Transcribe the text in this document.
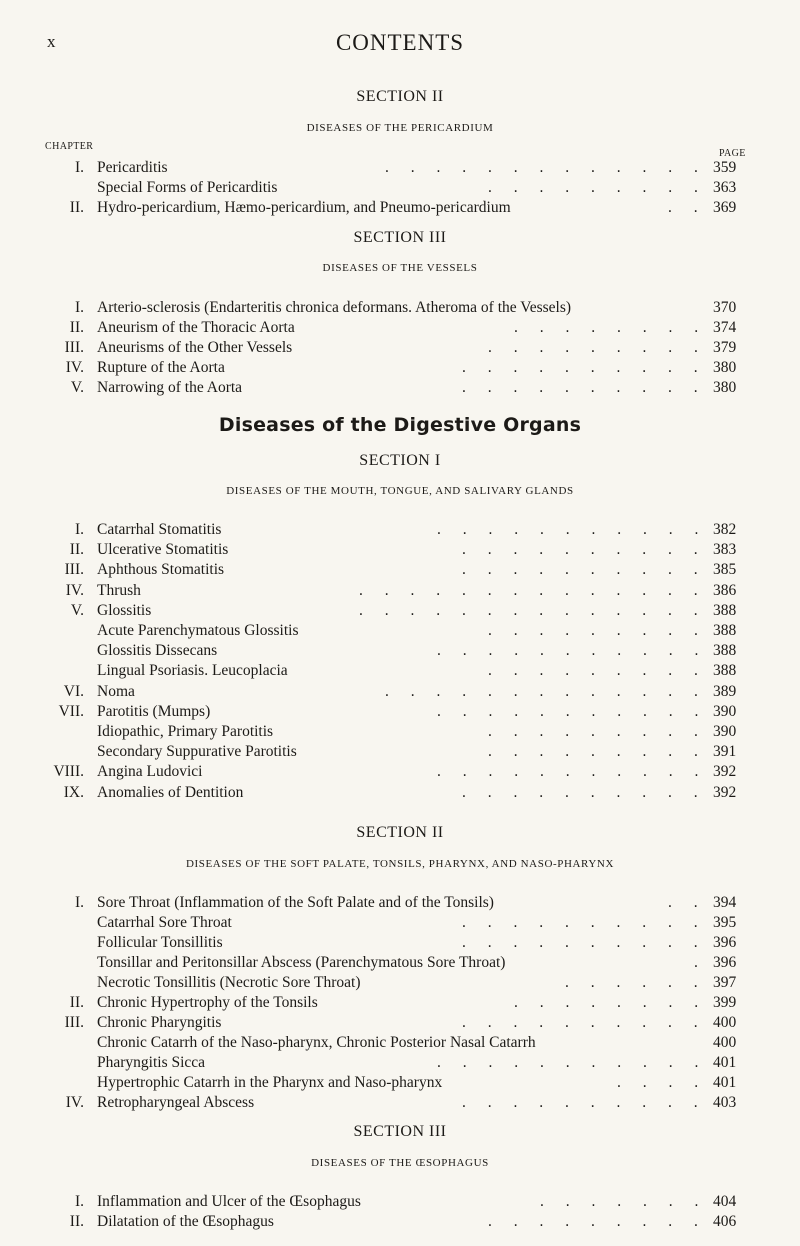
x	CONTENTS
SECTION II
DISEASES OF THE PERICARDIUM
CHAPTER
PAGE
I. Pericarditis	. . . . . . . . . . . . . 359
Special Forms of Pericarditis	. . . . . . . . . 363
II. Hydro-pericardium, Hæmo-pericardium, and Pneumo-pericardium	. . 369
SECTION III
DISEASES OF THE VESSELS
I. Arterio-sclerosis (Endarteritis chronica deformans. Atheroma of the Vessels)	370
II. Aneurism of the Thoracic Aorta	. . . . . . . . 374
III. Aneurisms of the Other Vessels	. . . . . . . . . 379
IV. Rupture of the Aorta	. . . . . . . . . . 380
V. Narrowing of the Aorta	. . . . . . . . . . 380
Diseases of the Digestive Organs
SECTION I
DISEASES OF THE MOUTH, TONGUE, AND SALIVARY GLANDS
I. Catarrhal Stomatitis	. . . . . . . . . . . 382
II. Ulcerative Stomatitis	. . . . . . . . . . 383
III. Aphthous Stomatitis	. . . . . . . . . . 385
IV. Thrush	. . . . . . . . . . . . . . 386
V. Glossitis	. . . . . . . . . . . . . . 388
Acute Parenchymatous Glossitis	. . . . . . . . . 388
Glossitis Dissecans	. . . . . . . . . . . 388
Lingual Psoriasis. Leucoplacia	. . . . . . . . . 388
VI. Noma	. . . . . . . . . . . . . 389
VII. Parotitis (Mumps)	. . . . . . . . . . . 390
Idiopathic, Primary Parotitis	. . . . . . . . . 390
Secondary Suppurative Parotitis	. . . . . . . . . 391
VIII. Angina Ludovici	. . . . . . . . . . . 392
IX. Anomalies of Dentition	. . . . . . . . . . 392
SECTION II
DISEASES OF THE SOFT PALATE, TONSILS, PHARYNX, AND NASO-PHARYNX
I. Sore Throat (Inflammation of the Soft Palate and of the Tonsils)	. . 394
Catarrhal Sore Throat	. . . . . . . . . . 395
Follicular Tonsillitis	. . . . . . . . . . 396
Tonsillar and Peritonsillar Abscess (Parenchymatous Sore Throat)	. 396
Necrotic Tonsillitis (Necrotic Sore Throat)	. . . . . . 397
II. Chronic Hypertrophy of the Tonsils	. . . . . . . . 399
III. Chronic Pharyngitis	. . . . . . . . . . 400
Chronic Catarrh of the Naso-pharynx, Chronic Posterior Nasal Catarrh	400
Pharyngitis Sicca	. . . . . . . . . . . 401
Hypertrophic Catarrh in the Pharynx and Naso-pharynx	. . . . 401
IV. Retropharyngeal Abscess	. . . . . . . . . . 403
SECTION III
DISEASES OF THE ŒSOPHAGUS
I. Inflammation and Ulcer of the Œsophagus	. . . . . . . 404
II. Dilatation of the Œsophagus	. . . . . . . . . 406
